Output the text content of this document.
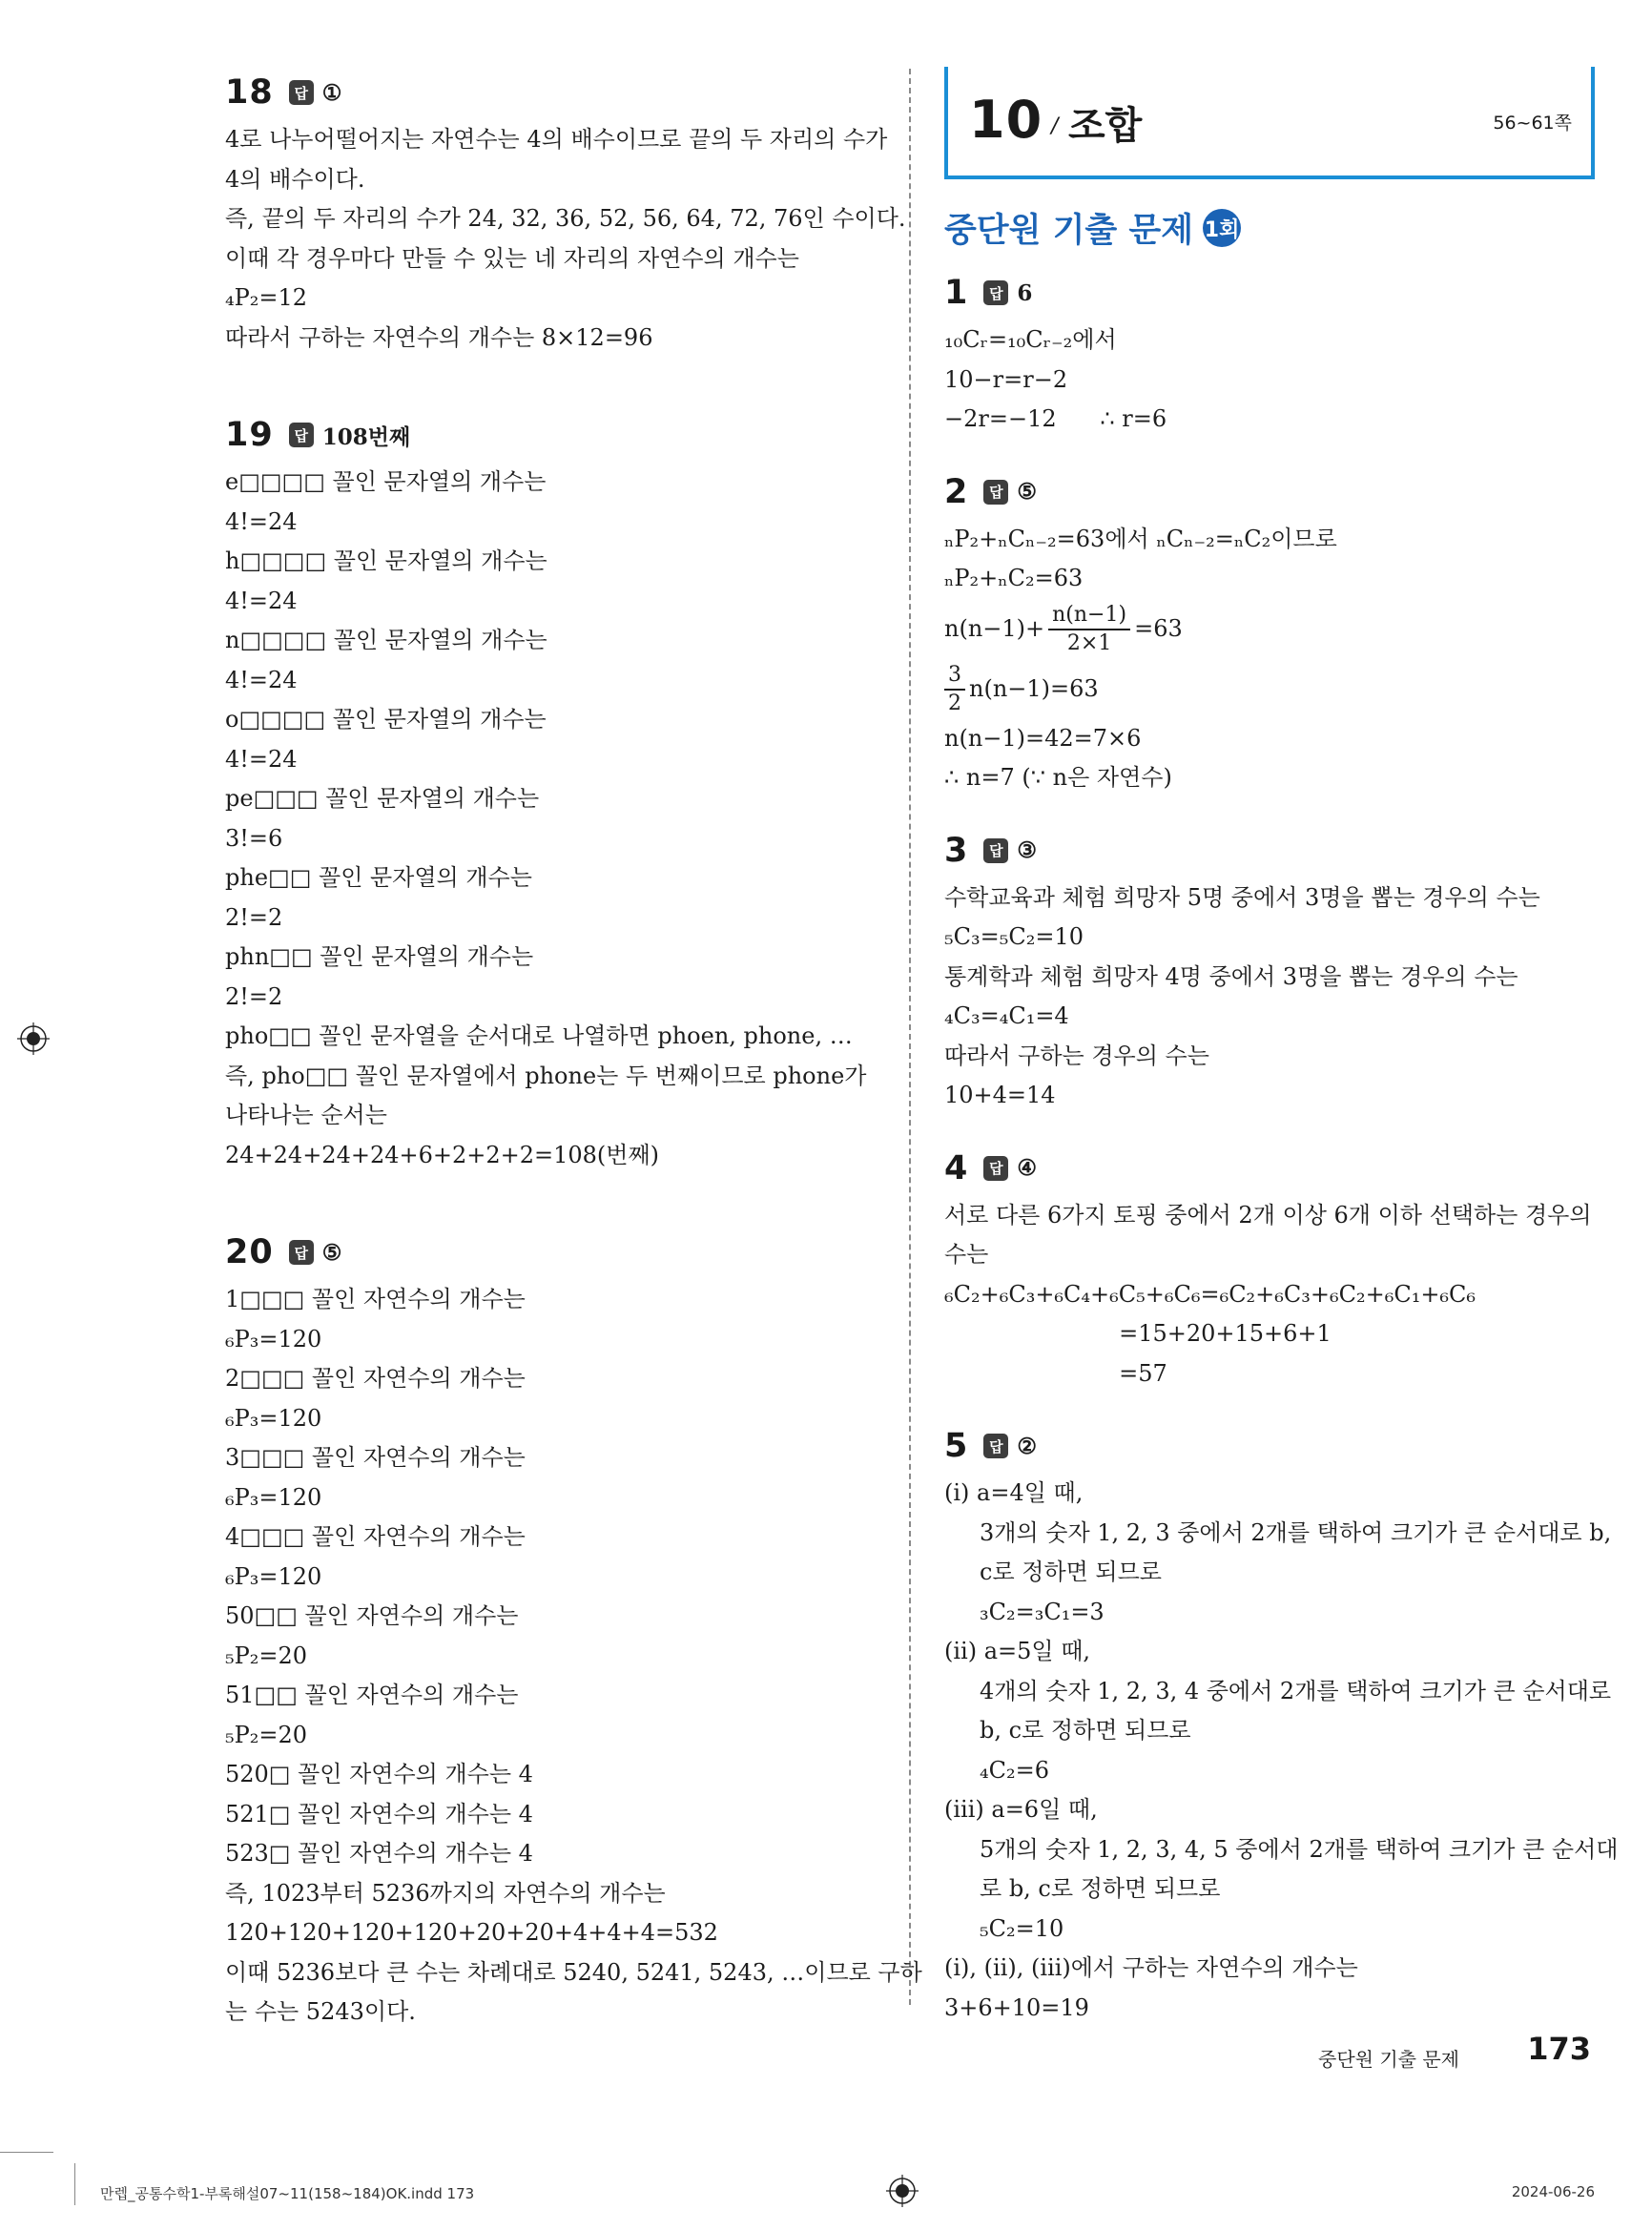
18	답 ①
4로 나누어떨어지는 자연수는 4의 배수이므로 끝의 두 자리의 수가
4의 배수이다.
즉, 끝의 두 자리의 수가 24, 32, 36, 52, 56, 64, 72, 76인 수이다.
이때 각 경우마다 만들 수 있는 네 자리의 자연수의 개수는
₄P₂=12
따라서 구하는 자연수의 개수는 8×12=96
19	답 108번째
e□□□□ 꼴인 문자열의 개수는
4!=24
h□□□□ 꼴인 문자열의 개수는
4!=24
n□□□□ 꼴인 문자열의 개수는
4!=24
o□□□□ 꼴인 문자열의 개수는
4!=24
pe□□□ 꼴인 문자열의 개수는
3!=6
phe□□ 꼴인 문자열의 개수는
2!=2
phn□□ 꼴인 문자열의 개수는
2!=2
pho□□ 꼴인 문자열을 순서대로 나열하면 phoen, phone, …
즉, pho□□ 꼴인 문자열에서 phone는 두 번째이므로 phone가
나타나는 순서는
24+24+24+24+6+2+2+2=108(번째)
20	답 ⑤
1□□□ 꼴인 자연수의 개수는
₆P₃=120
2□□□ 꼴인 자연수의 개수는
₆P₃=120
3□□□ 꼴인 자연수의 개수는
₆P₃=120
4□□□ 꼴인 자연수의 개수는
₆P₃=120
50□□ 꼴인 자연수의 개수는
₅P₂=20
51□□ 꼴인 자연수의 개수는
₅P₂=20
520□ 꼴인 자연수의 개수는 4
521□ 꼴인 자연수의 개수는 4
523□ 꼴인 자연수의 개수는 4
즉, 1023부터 5236까지의 자연수의 개수는
120+120+120+120+20+20+4+4+4=532
이때 5236보다 큰 수는 차례대로 5240, 5241, 5243, …이므로 구하
는 수는 5243이다.
10 / 조합	56~61쪽
중단원 기출 문제 1회
1	답 6
₁₀Cᵣ=₁₀Cᵣ₋₂에서
10−r=r−2
−2r=−12      ∴ r=6
2	답 ⑤
ₙP₂+ₙCₙ₋₂=63에서 ₙCₙ₋₂=ₙC₂이므로
ₙP₂+ₙC₂=63
$n(n-1)+ \frac{n(n-1)}{2\times 1} =63$
$\frac{3}{2} n(n-1)=63$
n(n−1)=42=7×6
∴ n=7 (∵ n은 자연수)
3	답 ③
수학교육과 체험 희망자 5명 중에서 3명을 뽑는 경우의 수는
₅C₃=₅C₂=10
통계학과 체험 희망자 4명 중에서 3명을 뽑는 경우의 수는
₄C₃=₄C₁=4
따라서 구하는 경우의 수는
10+4=14
4	답 ④
서로 다른 6가지 토핑 중에서 2개 이상 6개 이하 선택하는 경우의
수는
₆C₂+₆C₃+₆C₄+₆C₅+₆C₆=₆C₂+₆C₃+₆C₂+₆C₁+₆C₆
=15+20+15+6+1
=57
5	답 ②
(ⅰ) a=4일 때,
3개의 숫자 1, 2, 3 중에서 2개를 택하여 크기가 큰 순서대로 b,
c로 정하면 되므로
₃C₂=₃C₁=3
(ⅱ) a=5일 때,
4개의 숫자 1, 2, 3, 4 중에서 2개를 택하여 크기가 큰 순서대로
b, c로 정하면 되므로
₄C₂=6
(ⅲ) a=6일 때,
5개의 숫자 1, 2, 3, 4, 5 중에서 2개를 택하여 크기가 큰 순서대
로 b, c로 정하면 되므로
₅C₂=10
(ⅰ), (ⅱ), (ⅲ)에서 구하는 자연수의 개수는
3+6+10=19
중단원 기출 문제 173
만렙_공통수학1-부록해설07~11(158~184)OK.indd 173	2024-06-26
